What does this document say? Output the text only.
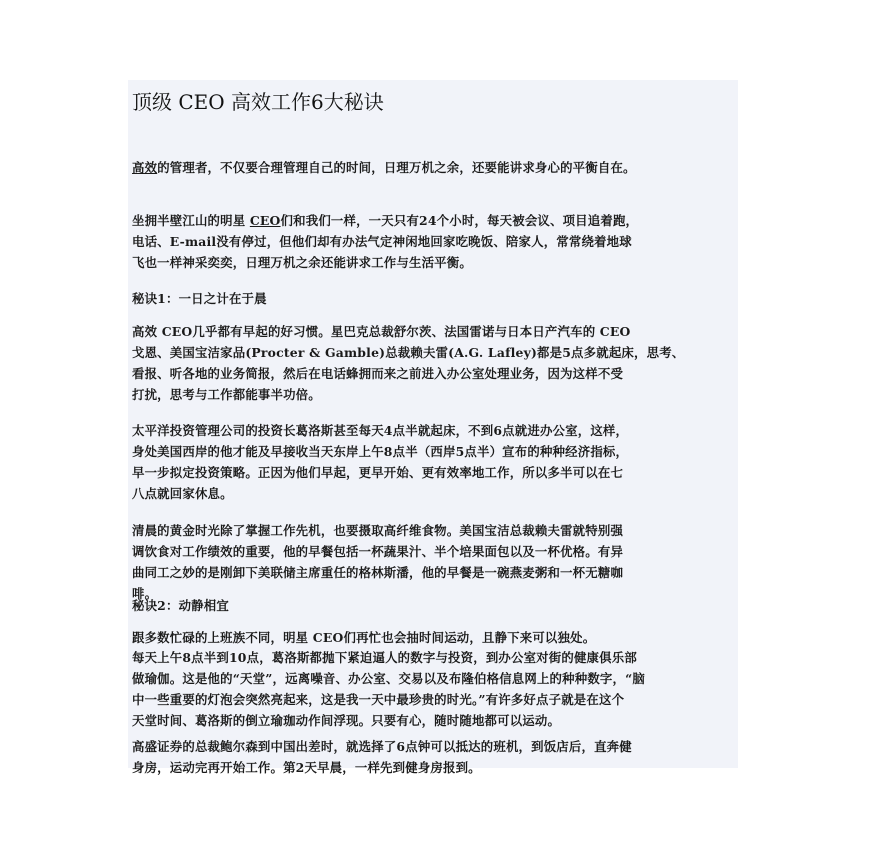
顶级 CEO 高效工作6大秘诀
高效的管理者，不仅要合理管理自己的时间，日理万机之余，还要能讲求身心的平衡自在。
坐拥半壁江山的明星 CEO们和我们一样，一天只有24个小时，每天被会议、项目追着跑，
电话、E-mail没有停过，但他们却有办法气定神闲地回家吃晚饭、陪家人，常常绕着地球
飞也一样神采奕奕，日理万机之余还能讲求工作与生活平衡。
秘诀1：一日之计在于晨
高效 CEO几乎都有早起的好习惯。星巴克总裁舒尔茨、法国雷诺与日本日产汽车的 CEO
戈恩、美国宝洁家品(Procter & Gamble)总裁赖夫雷(A.G. Lafley)都是5点多就起床，思考、
看报、听各地的业务简报，然后在电话蜂拥而来之前进入办公室处理业务，因为这样不受
打扰，思考与工作都能事半功倍。
太平洋投资管理公司的投资长葛洛斯甚至每天4点半就起床，不到6点就进办公室，这样，
身处美国西岸的他才能及早接收当天东岸上午8点半（西岸5点半）宣布的种种经济指标，
早一步拟定投资策略。正因为他们早起，更早开始、更有效率地工作，所以多半可以在七
八点就回家休息。
清晨的黄金时光除了掌握工作先机，也要摄取高纤维食物。美国宝洁总裁赖夫雷就特别强
调饮食对工作绩效的重要，他的早餐包括一杯蔬果汁、半个培果面包以及一杯优格。有异
曲同工之妙的是刚卸下美联储主席重任的格林斯潘，他的早餐是一碗燕麦粥和一杯无糖咖
啡。
秘诀2：动静相宜
跟多数忙碌的上班族不同，明星 CEO们再忙也会抽时间运动，且静下来可以独处。
每天上午8点半到10点，葛洛斯都抛下紧迫逼人的数字与投资，到办公室对街的健康俱乐部
做瑜伽。这是他的“天堂”，远离噪音、办公室、交易以及布隆伯格信息网上的种种数字，“脑
中一些重要的灯泡会突然亮起来，这是我一天中最珍贵的时光。”有许多好点子就是在这个
天堂时间、葛洛斯的倒立瑜珈动作间浮现。只要有心，随时随地都可以运动。
高盛证券的总裁鲍尔森到中国出差时，就选择了6点钟可以抵达的班机，到饭店后，直奔健
身房，运动完再开始工作。第2天早晨，一样先到健身房报到。
